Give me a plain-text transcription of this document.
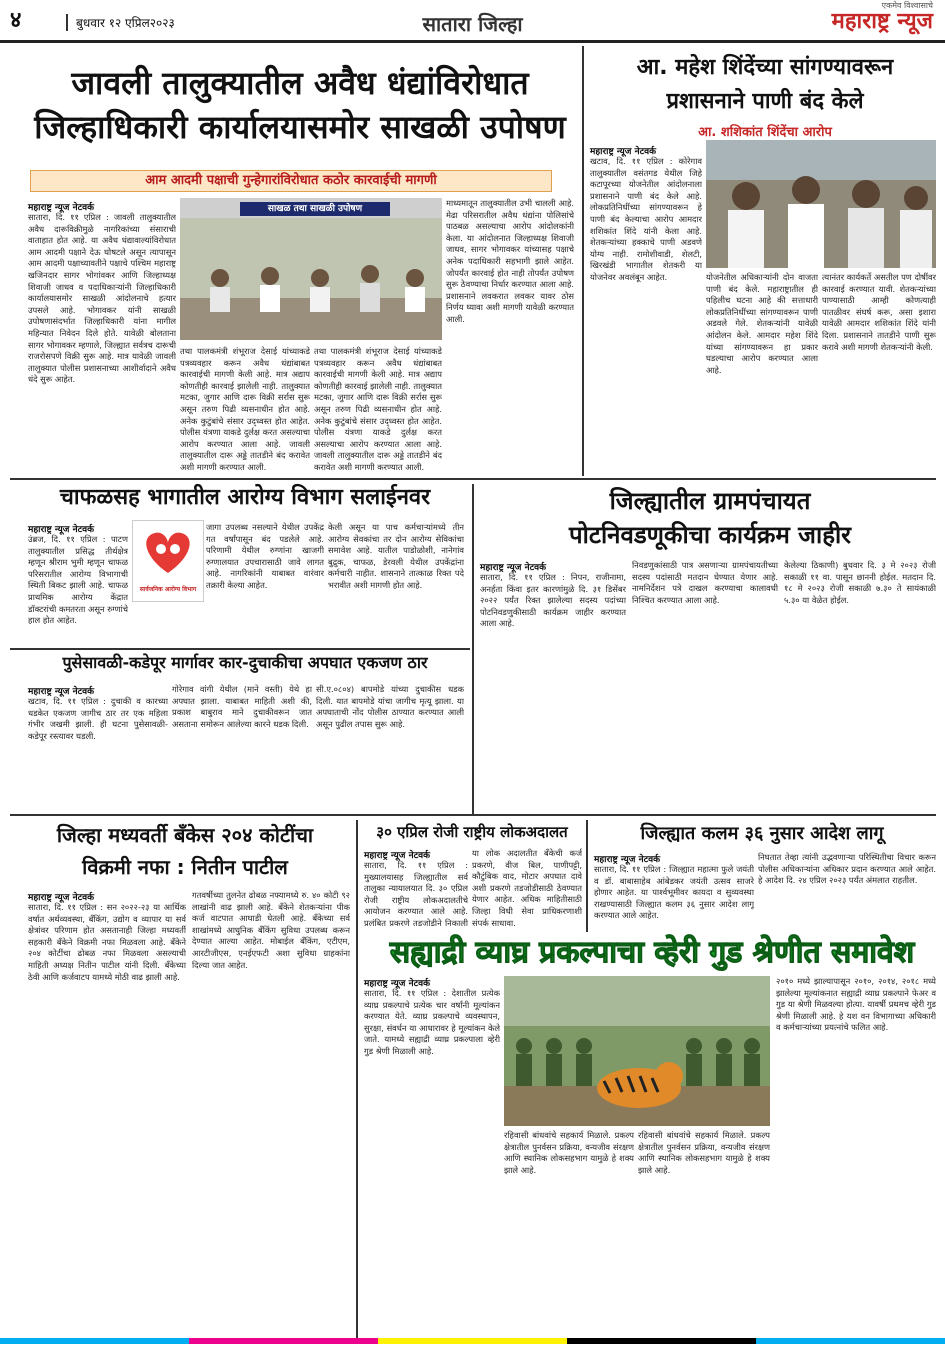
४	बुधवार १२ एप्रिल२०२३	सातारा जिल्हा
एकमेव विश्वासाचे
महाराष्ट्र न्यूज
जावली तालुक्यातील अवैध धंद्यांविरोधात
जिल्हाधिकारी कार्यालयासमोर साखळी उपोषण
आम आदमी पक्षाची गुन्हेगारांविरोधात कठोर कारवाईची मागणी
महाराष्ट्र न्यूज नेटवर्क
सातारा, दि. ११ एप्रिल : जावली तालुक्यातील अवैध दारूविक्रीमुळे नागरिकांच्या संसाराची वाताहात होत आहे. या अवैध धंद्यावाल्यांविरोधात आम आदमी पक्षाने देऊ घोषटले असून त्यापासून आम आदमी पक्षाच्यावतीने पक्षाचे पश्चिम महाराष्ट्र खजिनदार सागर भोगांवकर आणि जिल्हाध्यक्ष शिवाजी जाधव व पदाधिकाऱ्यांनी जिल्हाधिकारी कार्यालयासमोर साखळी आंदोलनाचे हत्यार उपसले आहे. भोगावकर यांनी साखळी उपोषणासंदर्भात जिल्हाधिकारी यांना मागील महिन्यात निवेदन दिले होते. यावेळी बोलताना सागर भोगावकर म्हणाले, जिल्ह्यात सर्वत्रच दारूची राजरोसपणे विक्री सुरू आहे. मात्र यावेळी जावली तालुक्यात पोलीस प्रशासनाच्या आशीर्वादाने अवैध धंदे सुरू आहेत.
साखळ तथा साखळी उपोषण
तथा पालकमंत्री शंभूराज देसाई यांच्याकडे पत्रव्यवहार करून अवैध धंद्यांबाबत कारवाईची मागणी केली आहे. मात्र अद्याप कोणतीही कारवाई झालेली नाही. तालुक्यात मटका, जुगार आणि दारू विक्री सर्रास सुरू असून तरुण पिढी व्यसनाधीन होत आहे. अनेक कुटुंबांचे संसार उद्ध्वस्त होत आहेत. पोलीस यंत्रणा याकडे दुर्लक्ष करत असल्याचा आरोप करण्यात आला आहे. जावली तालुक्यातील दारू अड्डे तातडीने बंद करावेत अशी मागणी करण्यात आली.
तथा पालकमंत्री शंभूराज देसाई यांच्याकडे पत्रव्यवहार करून अवैध धंद्यांबाबत कारवाईची मागणी केली आहे. मात्र अद्याप कोणतीही कारवाई झालेली नाही. तालुक्यात मटका, जुगार आणि दारू विक्री सर्रास सुरू असून तरुण पिढी व्यसनाधीन होत आहे. अनेक कुटुंबांचे संसार उद्ध्वस्त होत आहेत. पोलीस यंत्रणा याकडे दुर्लक्ष करत असल्याचा आरोप करण्यात आला आहे. जावली तालुक्यातील दारू अड्डे तातडीने बंद करावेत अशी मागणी करण्यात आली.
माध्यमातून तालुक्यातील उभी चालली आहे. मेढा परिसरातील अवैध धंद्यांना पोलिसांचे पाठबळ असल्याचा आरोप आंदोलकांनी केला. या आंदोलनात जिल्हाध्यक्ष शिवाजी जाधव, सागर भोगावकर यांच्यासह पक्षाचे अनेक पदाधिकारी सहभागी झाले आहेत. जोपर्यंत कारवाई होत नाही तोपर्यंत उपोषण सुरू ठेवण्याचा निर्धार करण्यात आला आहे. प्रशासनाने लवकरात लवकर यावर ठोस निर्णय घ्यावा अशी मागणी यावेळी करण्यात आली.
आ. महेश शिंदेंच्या सांगण्यावरून
प्रशासनाने पाणी बंद केले
आ. शशिकांत शिंदेंचा आरोप
महाराष्ट्र न्यूज नेटवर्क
खटाव, दि. ११ एप्रिल : कोरेगाव तालुक्यातील वसंतगड येथील जिहे कटापूरच्या योजनेतील आंदोलनाला प्रशासनाने पाणी बंद केले आहे. लोकप्रतिनिधींच्या सांगण्यावरून हे पाणी बंद केल्याचा आरोप आमदार शशिकांत शिंदे यांनी केला आहे. शेतकऱ्यांच्या हक्काचे पाणी अडवणे योग्य नाही. रामोशीवाडी, शेलटी, खिरखंडी भागातील शेतकरी या योजनेवर अवलंबून आहेत.	योजनेतील अधिकाऱ्यांनी दोन वाजता पाणी बंद केले. महाराष्ट्रातील ही पहिलीच घटना आहे की सत्ताधारी लोकप्रतिनिधींच्या सांगण्यावरून पाणी अडवले गेले. शेतकऱ्यांनी यावेळी आंदोलन केले. आमदार महेश शिंदे यांच्या सांगण्यावरून हा प्रकार घडल्याचा आरोप करण्यात आला आहे.
त्यानंतर कार्यकर्ते असतील पण दोषींवर कारवाई करण्यात यावी. शेतकऱ्यांच्या पाण्यासाठी आम्ही कोणत्याही पातळीवर संघर्ष करू, असा इशारा यावेळी आमदार शशिकांत शिंदे यांनी दिला. प्रशासनाने तातडीने पाणी सुरू करावे अशी मागणी शेतकऱ्यांनी केली.
चाफळसह भागातील आरोग्य विभाग सलाईनवर
महाराष्ट्र न्यूज नेटवर्क
उंब्रज, दि. ११ एप्रिल : पाटण तालुक्यातील प्रसिद्ध तीर्थक्षेत्र म्हणून श्रीराम भुमी म्हणून चाफळ परिसरातील आरोग्य विभागाची स्थिती बिकट झाली आहे. चाफळ प्राथमिक आरोग्य केंद्रात डॉक्टरांची कमतरता असून रुग्णांचे हाल होत आहेत.
सार्वजनिक आरोग्य विभाग
जागा उपलब्ध नसल्याने येथील उपकेंद्र गत वर्षांपासून बंद पडलेले आहे. परिणामी येथील रुग्णांना खाजगी रुग्णालयात उपचारासाठी जावे लागत आहे. नागरिकांनी याबाबत वारंवार तक्रारी केल्या आहेत.
केली असून या पाच कर्मचाऱ्यांमध्ये तीन आरोग्य सेवकांचा तर दोन आरोग्य सेविकांचा समावेश आहे. यातील पाडोळोशी, नानेगांव बुद्रुक, चाफळ, डेरवली येथील उपकेंद्रांना कर्मचारी नाहीत. शासनाने तात्काळ रिक्त पदे भरावीत अशी मागणी होत आहे.
पुसेसावळी-कडेपूर मार्गावर कार-दुचाकीचा अपघात एकजण ठार
महाराष्ट्र न्यूज नेटवर्क
खटाव, दि. ११ एप्रिल : दुचाकी व कारच्या धडकेत एकजण जागीच ठार तर एक महिला गंभीर जखमी झाली. ही घटना पुसेसावळी-कडेपूर रस्त्यावर घडली.
गोरेगाव वांगी येथील (माने वस्ती) येथे हा अपघात झाला. याबाबत माहिती अशी की, प्रकाश बाबुराव माने दुचाकीवरून जात असताना समोरून आलेल्या कारने धडक दिली.
सी.ए.०८०४) बापमोडे यांच्या दुचाकीस धडक दिली. यात बापमोडे यांचा जागीच मृत्यू झाला. या अपघाताची नोंद पोलीस ठाण्यात करण्यात आली असून पुढील तपास सुरू आहे.
जिल्ह्यातील ग्रामपंचायत
पोटनिवडणूकीचा कार्यक्रम जाहीर
महाराष्ट्र न्यूज नेटवर्क
सातारा, दि. ११ एप्रिल : निपन, राजीनामा, अनर्हता किंवा इतर कारणांमुळे दि. ३१ डिसेंबर २०२२ पर्यंत रिक्त झालेल्या सदस्य पदांच्या पोटनिवडणुकीसाठी कार्यक्रम जाहीर करण्यात आला आहे.
निवडणुकांसाठी पात्र असणाऱ्या ग्रामपंचायतीच्या सदस्य पदांसाठी मतदान घेण्यात येणार आहे. नामनिर्देशन पत्रे दाखल करण्याचा कालावधी निश्चित करण्यात आला आहे.
केलेल्या ठिकाणी) बुधवार दि. ३ मे २०२३ रोजी सकाळी ११ वा. पासून छाननी होईल. मतदान दि. १८ मे २०२३ रोजी सकाळी ७.३० ते सायंकाळी ५.३० या वेळेत होईल.
जिल्हा मध्यवर्ती बँकेस २०४ कोटींचा
विक्रमी नफा : नितीन पाटील
महाराष्ट्र न्यूज नेटवर्क
सातारा, दि. ११ एप्रिल : सन २०२२-२३ या आर्थिक वर्षात अर्थव्यवस्था, बँकिंग, उद्योग व व्यापार या सर्व क्षेत्रांवर परिणाम होत असतानाही जिल्हा मध्यवर्ती सहकारी बँकेने विक्रमी नफा मिळवला आहे. बँकेने २०४ कोटींचा ढोबळ नफा मिळवला असल्याची माहिती अध्यक्ष नितीन पाटील यांनी दिली. बँकेच्या ठेवी आणि कर्जवाटप यामध्ये मोठी वाढ झाली आहे.
गतवर्षीच्या तुलनेत ढोबळ नफ्यामध्ये रु. ४० कोटी ९२ लाखांनी वाढ झाली आहे. बँकेने शेतकऱ्यांना पीक कर्ज वाटपात आघाडी घेतली आहे. बँकेच्या सर्व शाखांमध्ये आधुनिक बँकिंग सुविधा उपलब्ध करून देण्यात आल्या आहेत. मोबाईल बँकिंग, एटीएम, आरटीजीएस, एनईएफटी अशा सुविधा ग्राहकांना दिल्या जात आहेत.
३० एप्रिल रोजी राष्ट्रीय लोकअदालत
महाराष्ट्र न्यूज नेटवर्क
सातारा, दि. ११ एप्रिल : मुख्यालयासह जिल्ह्यातील सर्व तालुका न्यायालयात दि. ३० एप्रिल रोजी राष्ट्रीय लोकअदालतीचे आयोजन करण्यात आले आहे. प्रलंबित प्रकरणे तडजोडीने निकाली
या लोक अदालतीत बँकेची कर्ज प्रकरणे, वीज बिल, पाणीपट्टी, कौटुंबिक वाद, मोटार अपघात दावे अशी प्रकरणे तडजोडीसाठी ठेवण्यात येणार आहेत. अधिक माहितीसाठी जिल्हा विधी सेवा प्राधिकरणाशी संपर्क साधावा.
जिल्ह्यात कलम ३६ नुसार आदेश लागू
महाराष्ट्र न्यूज नेटवर्क
सातारा, दि. ११ एप्रिल : जिल्ह्यात महात्मा फुले जयंती व डॉ. बाबासाहेब आंबेडकर जयंती उत्सव साजरे होणार आहेत. या पार्श्वभूमीवर कायदा व सुव्यवस्था राखण्यासाठी जिल्ह्यात कलम ३६ नुसार आदेश लागू करण्यात आले आहेत.
निघतात तेव्हा त्यांनी उद्भवणाऱ्या परिस्थितीचा विचार करून पोलीस अधिकाऱ्यांना अधिकार प्रदान करण्यात आले आहेत. हे आदेश दि. २४ एप्रिल २०२३ पर्यंत अंमलात राहतील.
सह्याद्री व्याघ्र प्रकल्पाचा व्हेरी गुड श्रेणीत समावेश
महाराष्ट्र न्यूज नेटवर्क
सातारा, दि. ११ एप्रिल : देशातील प्रत्येक व्याघ्र प्रकल्पाचे प्रत्येक चार वर्षांनी मूल्यांकन करण्यात येते. व्याघ्र प्रकल्पाचे व्यवस्थापन, सुरक्षा, संवर्धन या आधारावर हे मूल्यांकन केले जाते. यामध्ये सह्याद्री व्याघ्र प्रकल्पाला व्हेरी गुड श्रेणी मिळाली आहे.
रहिवासी बांधवांचे सहकार्य मिळाले. प्रकल्प क्षेत्रातील पुनर्वसन प्रक्रिया, वन्यजीव संरक्षण आणि स्थानिक लोकसहभाग यामुळे हे शक्य झाले आहे.
रहिवासी बांधवांचे सहकार्य मिळाले. प्रकल्प क्षेत्रातील पुनर्वसन प्रक्रिया, वन्यजीव संरक्षण आणि स्थानिक लोकसहभाग यामुळे हे शक्य झाले आहे.
२०१० मध्ये झाल्यापासून २०१०, २०१४, २०१८ मध्ये झालेल्या मूल्यांकनात सह्याद्री व्याघ्र प्रकल्पाने फेअर व गुड या श्रेणी मिळवल्या होत्या. यावर्षी प्रथमच व्हेरी गुड श्रेणी मिळाली आहे. हे यश वन विभागाच्या अधिकारी व कर्मचाऱ्यांच्या प्रयत्नांचे फलित आहे.
